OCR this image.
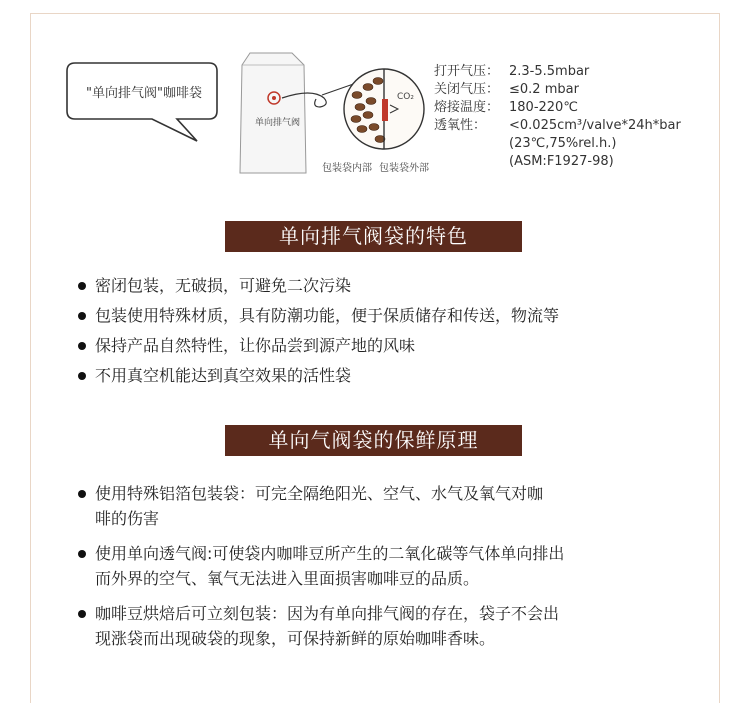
"单向排气阀"咖啡袋	CO₂
单向排气阀
包装袋内部 包装袋外部
打开气压： 2.3-5.5mbar
关闭气压： ≤0.2 mbar
熔接温度： 180-220℃
透氧性：	<0.025cm³/valve*24h*bar
(23℃,75%rel.h.)
(ASM:F1927-98)
单向排气阀袋的特色
密闭包装，无破损，可避免二次污染
包装使用特殊材质，具有防潮功能，便于保质储存和传送，物流等
保持产品自然特性，让你品尝到源产地的风味
不用真空机能达到真空效果的活性袋
单向气阀袋的保鲜原理
使用特殊铝箔包装袋：可完全隔绝阳光、空气、水气及氧气对咖
啡的伤害
使用单向透气阀:可使袋内咖啡豆所产生的二氧化碳等气体单向排出
而外界的空气、氧气无法进入里面损害咖啡豆的品质。
咖啡豆烘焙后可立刻包装：因为有单向排气阀的存在，袋子不会出
现涨袋而出现破袋的现象，可保持新鲜的原始咖啡香味。
